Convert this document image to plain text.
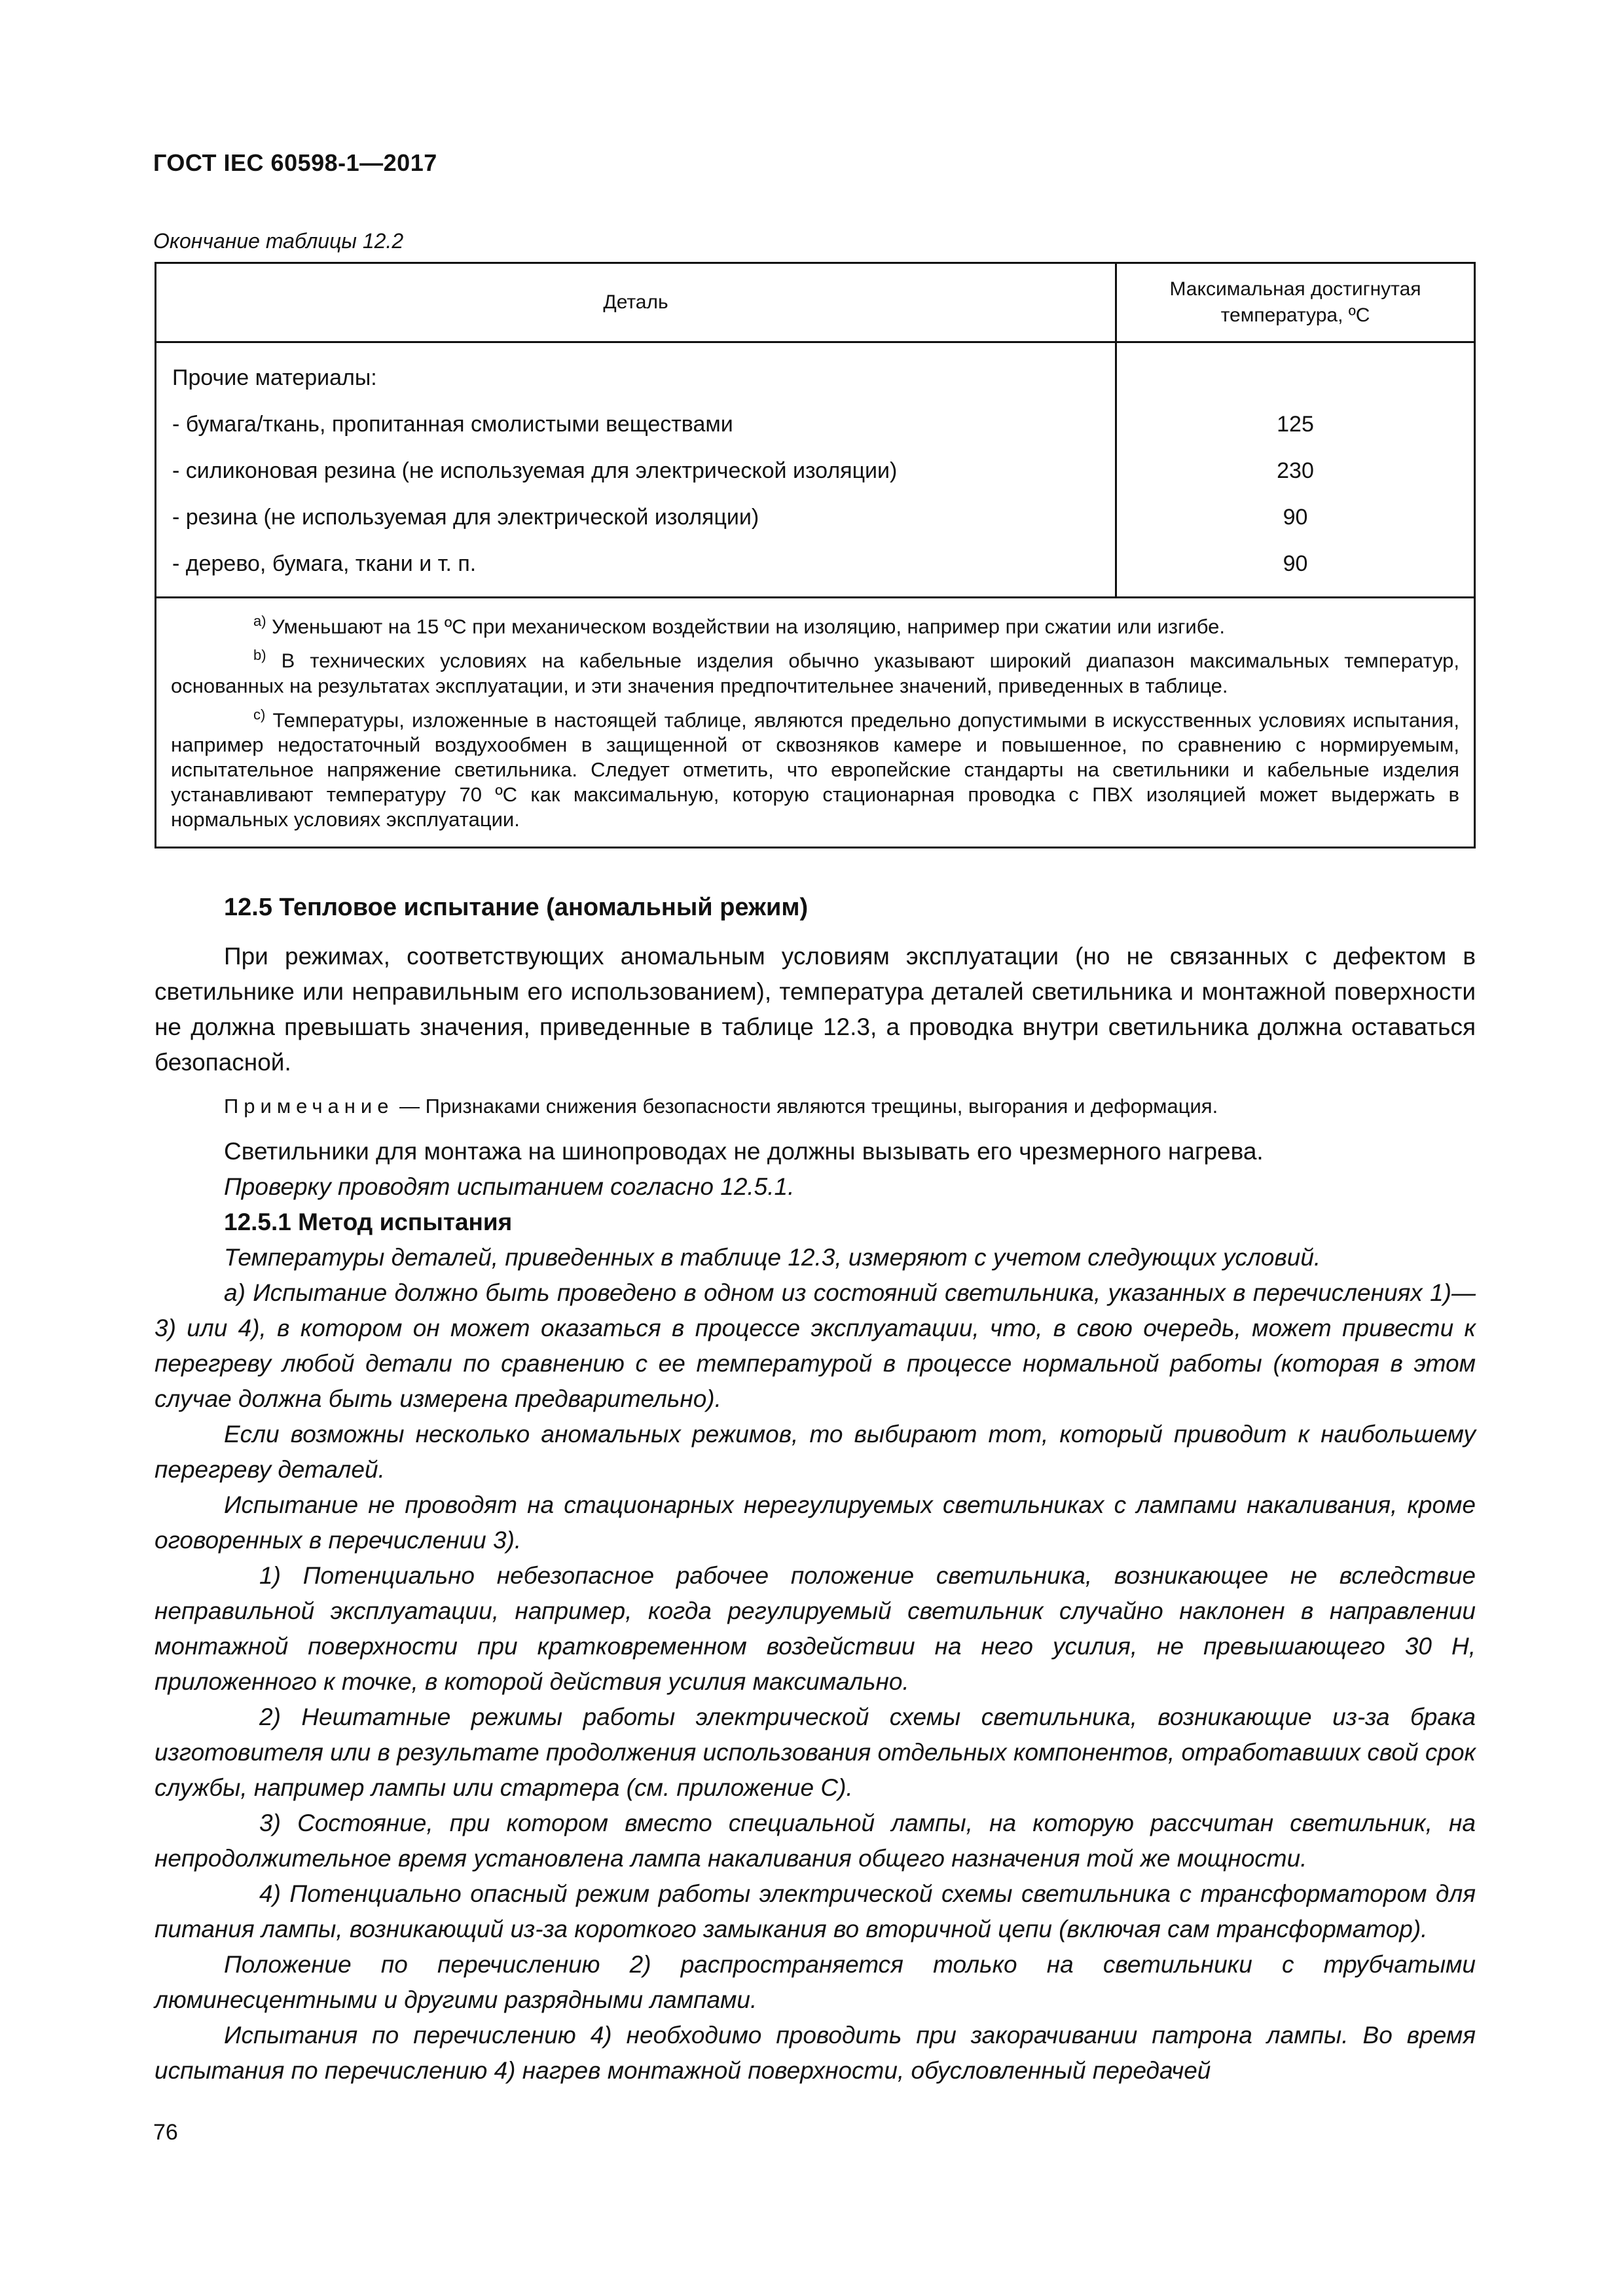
ГОСТ IEC 60598-1—2017
Окончание таблицы 12.2
Деталь
Максимальная достигнутая
температура, ºC
Прочие материалы:
- бумага/ткань, пропитанная смолистыми веществами
- силиконовая резина (не используемая для электрической изоляции)
- резина (не используемая для электрической изоляции)
- дерево, бумага, ткани и т. п.
125
230
90
90
$^{a)}$ Уменьшают на 15 ºC при механическом воздействии на изоляцию, например при сжатии или изгибе.
$^{b)}$ В технических условиях на кабельные изделия обычно указывают широкий диапазон максимальных температур, основанных на результатах эксплуатации, и эти значения предпочтительнее значений, приведенных в таблице.
$^{c)}$ Температуры, изложенные в настоящей таблице, являются предельно допустимыми в искусственных условиях испытания, например недостаточный воздухообмен в защищенной от сквозняков камере и повышенное, по сравнению с нормируемым, испытательное напряжение светильника. Следует отметить, что европейские стандарты на светильники и кабельные изделия устанавливают температуру 70 ºC как максимальную, которую стационарная проводка с ПВХ изоляцией может выдержать в нормальных условиях эксплуатации.
12.5 Тепловое испытание (аномальный режим)

При режимах, соответствующих аномальным условиям эксплуатации (но не связанных с дефектом в светильнике или неправильным его использованием), температура деталей светильника и монтажной поверхности не должна превышать значения, приведенные в таблице 12.3, а проводка внутри светильника должна оставаться безопасной.

Примечание — Признаками снижения безопасности являются трещины, выгорания и деформация.

Светильники для монтажа на шинопроводах не должны вызывать его чрезмерного нагрева.

Проверку проводят испытанием согласно 12.5.1.

12.5.1 Метод испытания

Температуры деталей, приведенных в таблице 12.3, измеряют с учетом следующих условий.

а) Испытание должно быть проведено в одном из состояний светильника, указанных в перечислениях 1)—3) или 4), в котором он может оказаться в процессе эксплуатации, что, в свою очередь, может привести к перегреву любой детали по сравнению с ее температурой в процессе нормальной работы (которая в этом случае должна быть измерена предварительно).

Если возможны несколько аномальных режимов, то выбирают тот, который приводит к наибольшему перегреву деталей.

Испытание не проводят на стационарных нерегулируемых светильниках с лампами накаливания, кроме оговоренных в перечислении 3).

1) Потенциально небезопасное рабочее положение светильника, возникающее не вследствие неправильной эксплуатации, например, когда регулируемый светильник случайно наклонен в направлении монтажной поверхности при кратковременном воздействии на него усилия, не превышающего 30 Н, приложенного к точке, в которой действия усилия максимально.

2) Нештатные режимы работы электрической схемы светильника, возникающие из-за брака изготовителя или в результате продолжения использования отдельных компонентов, отработавших свой срок службы, например лампы или стартера (см. приложение С).

3) Состояние, при котором вместо специальной лампы, на которую рассчитан светильник, на непродолжительное время установлена лампа накаливания общего назначения той же мощности.

4) Потенциально опасный режим работы электрической схемы светильника с трансформатором для питания лампы, возникающий из-за короткого замыкания во вторичной цепи (включая сам трансформатор).

Положение по перечислению 2) распространяется только на светильники с трубчатыми люминесцентными и другими разрядными лампами.

Испытания по перечислению 4) необходимо проводить при закорачивании патрона лампы. Во время испытания по перечислению 4) нагрев монтажной поверхности, обусловленный передачей

76
